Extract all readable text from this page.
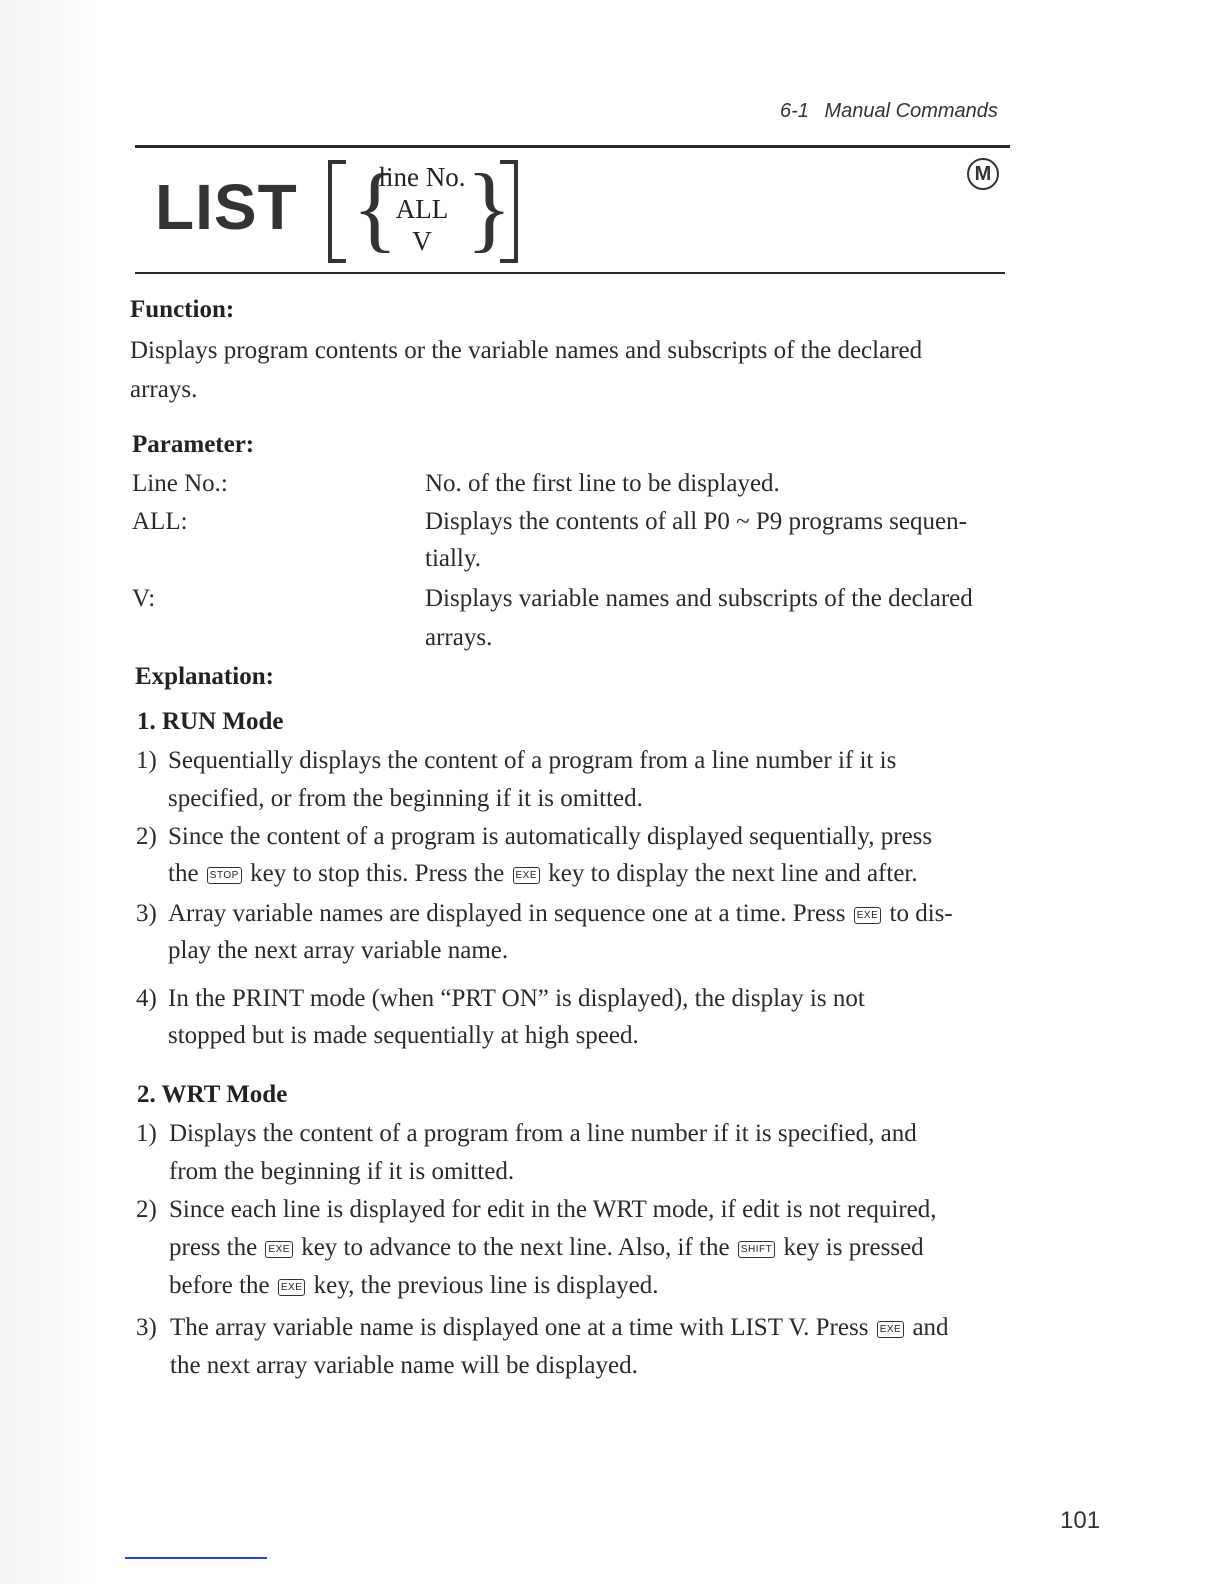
6-1 Manual Commands
LIST {
line No.
ALL
V }	M
Function:
Displays program contents or the variable names and subscripts of the declared
arrays.
Parameter:
Line No.:	No. of the first line to be displayed.
ALL:	Displays the contents of all P0 ~ P9 programs sequen-
tially.
V:	Displays variable names and subscripts of the declared
arrays.
Explanation:
1. RUN Mode
1) Sequentially displays the content of a program from a line number if it is
specified, or from the beginning if it is omitted.
2) Since the content of a program is automatically displayed sequentially, press
the STOP key to stop this. Press the EXE key to display the next line and after.
3) Array variable names are displayed in sequence one at a time. Press EXE to dis-
play the next array variable name.
4) In the PRINT mode (when “PRT ON” is displayed), the display is not
stopped but is made sequentially at high speed.
2. WRT Mode
1) Displays the content of a program from a line number if it is specified, and
from the beginning if it is omitted.
2) Since each line is displayed for edit in the WRT mode, if edit is not required,
press the EXE key to advance to the next line. Also, if the SHIFT key is pressed
before the EXE key, the previous line is displayed.
3) The array variable name is displayed one at a time with LIST V. Press EXE and
the next array variable name will be displayed.
101
